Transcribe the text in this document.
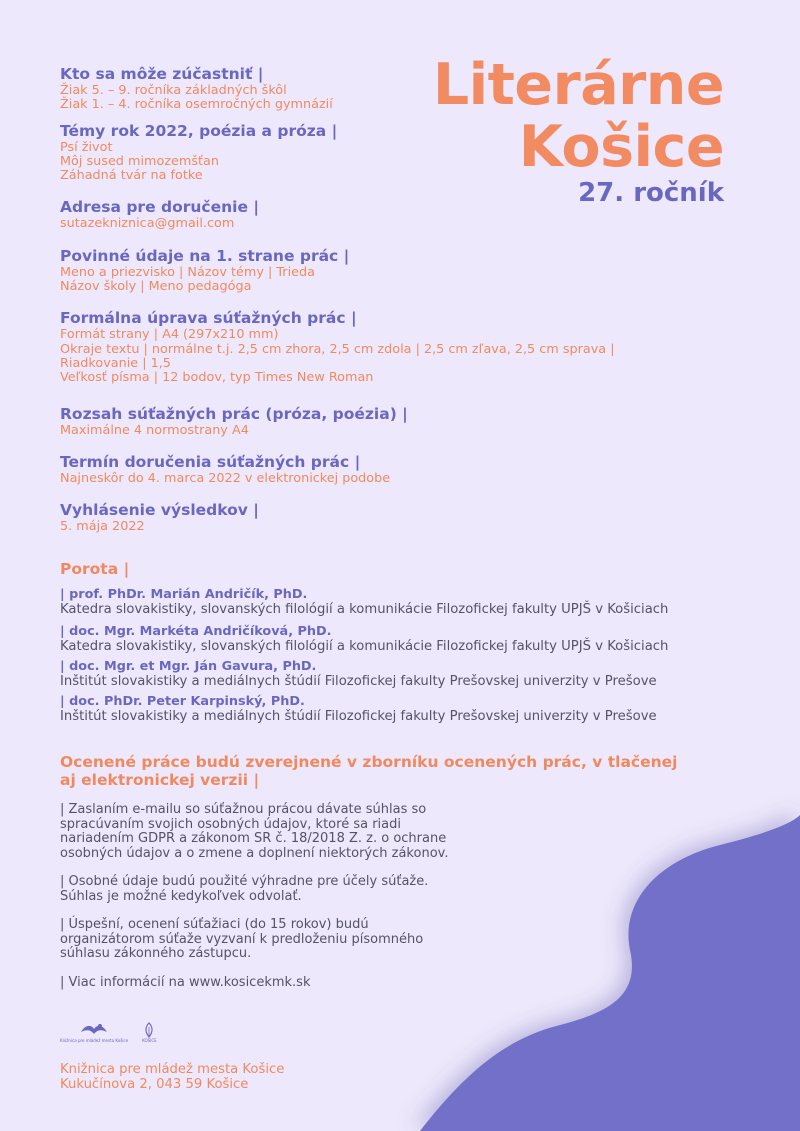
Literárne
Košice
27. ročník
Kto sa môže zúčastniť |
Žiak 5. – 9. ročníka základných škôl
Žiak 1. – 4. ročníka osemročných gymnázií
Témy rok 2022, poézia a próza |
Psí život
Môj sused mimozemšťan
Záhadná tvár na fotke
Adresa pre doručenie |
sutazekniznica@gmail.com
Povinné údaje na 1. strane prác |
Meno a priezvisko | Názov témy | Trieda
Názov školy | Meno pedagóga
Formálna úprava súťažných prác |
Formát strany | A4 (297x210 mm)
Okraje textu | normálne t.j. 2,5 cm zhora, 2,5 cm zdola | 2,5 cm zľava, 2,5 cm sprava |
Riadkovanie | 1,5
Veľkosť písma | 12 bodov, typ Times New Roman
Rozsah súťažných prác (próza, poézia) |
Maximálne 4 normostrany A4
Termín doručenia súťažných prác |
Najneskôr do 4. marca 2022 v elektronickej podobe
Vyhlásenie výsledkov |
5. mája 2022
Porota |
| prof. PhDr. Marián Andričík, PhD.
Katedra slovakistiky, slovanských filológií a komunikácie Filozofickej fakulty UPJŠ v Košiciach
| doc. Mgr. Markéta Andričíková, PhD.
Katedra slovakistiky, slovanských filológií a komunikácie Filozofickej fakulty UPJŠ v Košiciach
| doc. Mgr. et Mgr. Ján Gavura, PhD.
Inštitút slovakistiky a mediálnych štúdií Filozofickej fakulty Prešovskej univerzity v Prešove
| doc. PhDr. Peter Karpinský, PhD.
Inštitút slovakistiky a mediálnych štúdií Filozofickej fakulty Prešovskej univerzity v Prešove
Ocenené práce budú zverejnené v zborníku ocenených prác, v tlačenej
aj elektronickej verzii |
| Zaslaním e-mailu so súťažnou prácou dávate súhlas so
spracúvaním svojich osobných údajov, ktoré sa riadi
nariadením GDPR a zákonom SR č. 18/2018 Z. z. o ochrane
osobných údajov a o zmene a doplnení niektorých zákonov.
| Osobné údaje budú použité výhradne pre účely súťaže.
Súhlas je možné kedykoľvek odvolať.
| Úspešní, ocenení súťažiaci (do 15 rokov) budú
organizátorom súťaže vyzvaní k predloženiu písomného
súhlasu zákonného zástupcu.
| Viac informácií na www.kosicekmk.sk
Knižnica pre mládež mesta Košice	KOŠICE
Knižnica pre mládež mesta Košice
Kukučínova 2, 043 59 Košice
